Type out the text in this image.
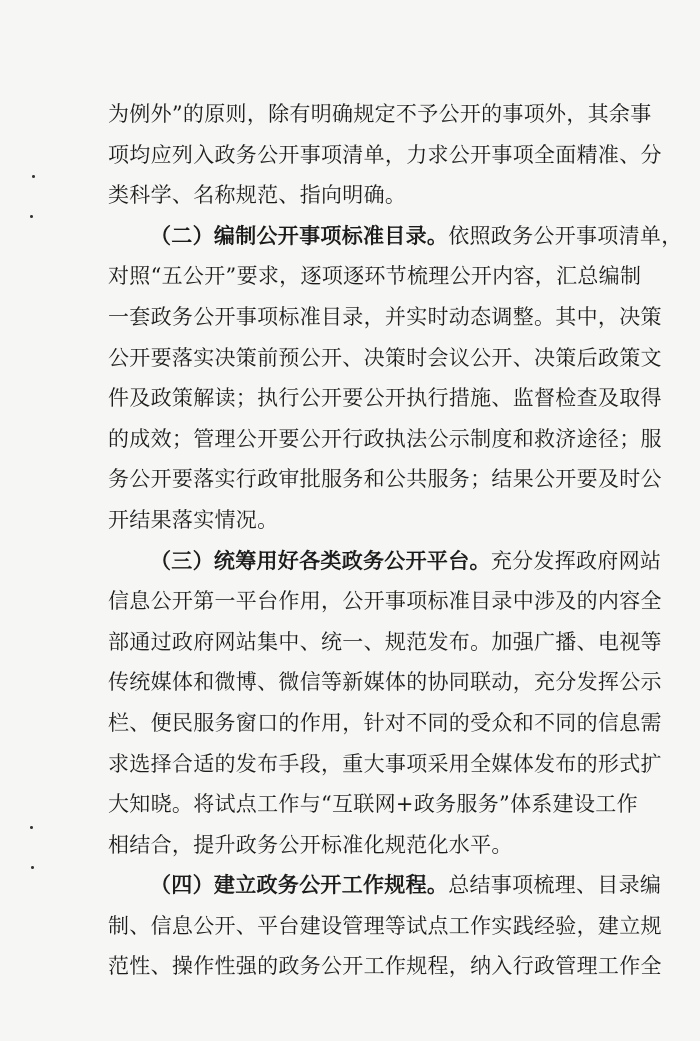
为例外”的原则，除有明确规定不予公开的事项外，其余事
项均应列入政务公开事项清单，力求公开事项全面精准、分
类科学、名称规范、指向明确。
（二）编制公开事项标准目录。依照政务公开事项清单，
对照“五公开”要求，逐项逐环节梳理公开内容，汇总编制
一套政务公开事项标准目录，并实时动态调整。其中，决策
公开要落实决策前预公开、决策时会议公开、决策后政策文
件及政策解读；执行公开要公开执行措施、监督检查及取得
的成效；管理公开要公开行政执法公示制度和救济途径；服
务公开要落实行政审批服务和公共服务；结果公开要及时公
开结果落实情况。
（三）统筹用好各类政务公开平台。充分发挥政府网站
信息公开第一平台作用，公开事项标准目录中涉及的内容全
部通过政府网站集中、统一、规范发布。加强广播、电视等
传统媒体和微博、微信等新媒体的协同联动，充分发挥公示
栏、便民服务窗口的作用，针对不同的受众和不同的信息需
求选择合适的发布手段，重大事项采用全媒体发布的形式扩
大知晓。将试点工作与“互联网+政务服务”体系建设工作
相结合，提升政务公开标准化规范化水平。
（四）建立政务公开工作规程。总结事项梳理、目录编
制、信息公开、平台建设管理等试点工作实践经验，建立规
范性、操作性强的政务公开工作规程，纳入行政管理工作全
